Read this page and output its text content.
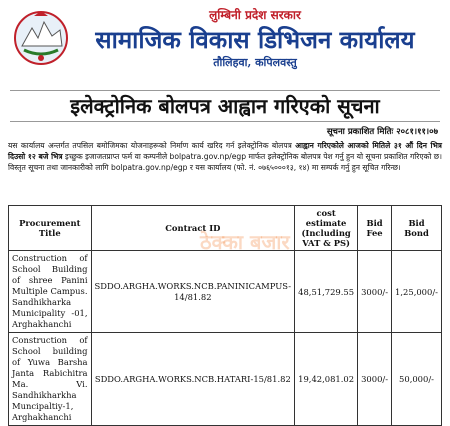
लुम्बिनी प्रदेश सरकार
सामाजिक विकास डिभिजन कार्यालय
तौलिहवा, कपिलवस्तु
इलेक्ट्रोनिक बोलपत्र आह्वान गरिएको सूचना
सूचना प्रकाशित मितिः २०८१।११।०७
यस कार्यालय अन्तर्गत तपसिल बमोजिमका योजनाहरूको निर्माण कार्य खरिद गर्न इलेक्ट्रोनिक बोलपत्र आह्वान गरिएकोले आजको मितिले ३१ औं दिन भित्र दिउसो १२ बजे भित्र इच्छुक इजाजतप्राप्त फर्म वा कम्पनीले bolpatra.gov.np/egp मार्फत इलेक्ट्रोनिक बोलपत्र पेश गर्नु हुन यो सूचना प्रकाशित गरिएको छ। विस्तृत सूचना तथा जानकारीको लागि bolpatra.gov.np/egp र यस कार्यालय (फो. नं. ०७६५०००१३, १४) मा सम्पर्क गर्नु हुन सूचित गरिन्छ।
Procurement Title	Contract ID	cost estimate (Including VAT & PS)	Bid Fee	Bid Bond
Construction of School Building of shree Panini Multiple Campus. Sandhikharka Municipality -01, Arghakhanchi	SDDO.ARGHA.WORKS.NCB.PANINICAMPUS-14/81.82	48,51,729.55	3000/-	1,25,000/-
Construction of School building of Yuwa Barsha Janta Rabichitra Ma. Vi. Sandhikharkha Muncipaltiy-1, Arghakhanchi	SDDO.ARGHA.WORKS.NCB.HATARI-15/81.82	19,42,081.02	3000/-	50,000/-
ठेक्का बजार
